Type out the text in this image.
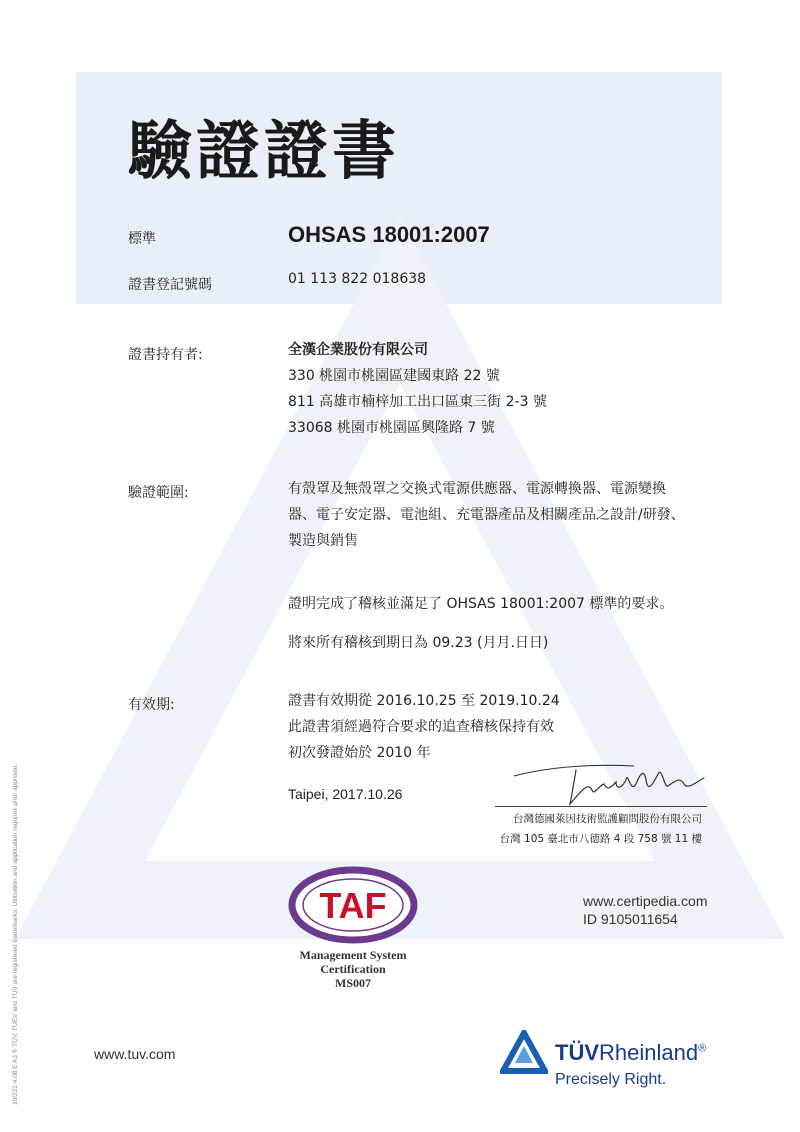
驗證證書
標準	OHSAS 18001:2007
證書登記號碼	01 113 822 018638
證書持有者:	全漢企業股份有限公司
330 桃園市桃園區建國東路 22 號
811 高雄市楠梓加工出口區東三街 2-3 號
33068 桃園市桃園區興隆路 7 號
驗證範圍:	有殼罩及無殼罩之交換式電源供應器、電源轉換器、電源變換
器、電子安定器、電池組、充電器產品及相關產品之設計/研發、
製造與銷售
證明完成了稽核並滿足了 OHSAS 18001:2007 標準的要求。
將來所有稽核到期日為 09.23 (月月.日日)
有效期:	證書有效期從 2016.10.25 至 2019.10.24
此證書須經過符合要求的追查稽核保持有效
初次發證始於 2010 年
Taipei, 2017.10.26
台灣德國萊因技術監護顧問股份有限公司
台灣 105 臺北市八德路 4 段 758 號 11 樓
TAF
Management System
Certification
MS007
www.certipedia.com
ID 9105011654
www.tuv.com	TÜVRheinland®
Precisely Right.
10/221 4.08 E A3 ® TÜV, TUEV and TUV are registered trademarks. Utilisation and application requires prior approval.
